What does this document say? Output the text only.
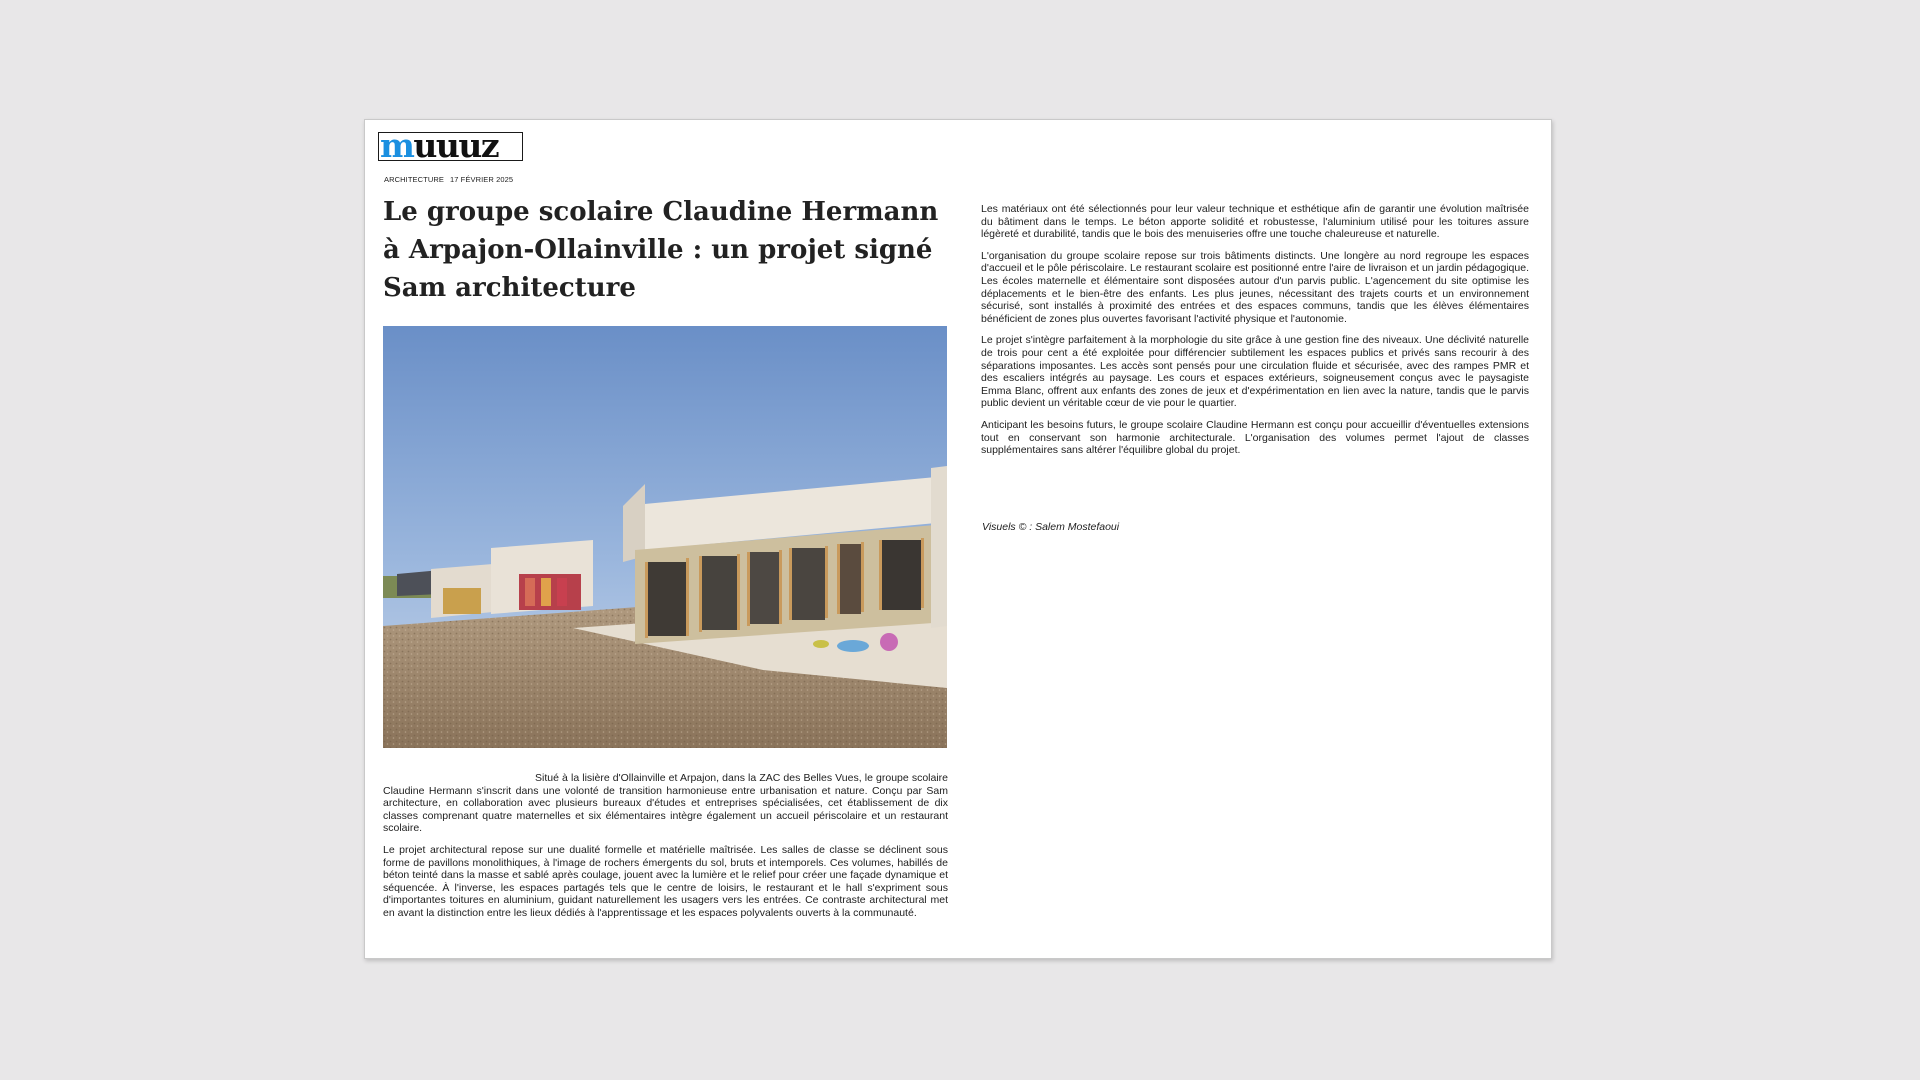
muuuz
ARCHITECTURE 17 FÉVRIER 2025
Le groupe scolaire Claudine Hermann à Arpajon-Ollainville : un projet signé Sam architecture

Situé à la lisière d'Ollainville et Arpajon, dans la ZAC des Belles Vues, le groupe scolaire Claudine Hermann s'inscrit dans une volonté de transition harmonieuse entre urbanisation et nature. Conçu par Sam architecture, en collaboration avec plusieurs bureaux d'études et entreprises spécialisées, cet établissement de dix classes comprenant quatre maternelles et six élémentaires intègre également un accueil périscolaire et un restaurant scolaire.

Le projet architectural repose sur une dualité formelle et matérielle maîtrisée. Les salles de classe se déclinent sous forme de pavillons monolithiques, à l'image de rochers émergents du sol, bruts et intemporels. Ces volumes, habillés de béton teinté dans la masse et sablé après coulage, jouent avec la lumière et le relief pour créer une façade dynamique et séquencée. À l'inverse, les espaces partagés tels que le centre de loisirs, le restaurant et le hall s'expriment sous d'importantes toitures en aluminium, guidant naturellement les usagers vers les entrées. Ce contraste architectural met en avant la distinction entre les lieux dédiés à l'apprentissage et les espaces polyvalents ouverts à la communauté.

Les matériaux ont été sélectionnés pour leur valeur technique et esthétique afin de garantir une évolution maîtrisée du bâtiment dans le temps. Le béton apporte solidité et robustesse, l'aluminium utilisé pour les toitures assure légèreté et durabilité, tandis que le bois des menuiseries offre une touche chaleureuse et naturelle.

L'organisation du groupe scolaire repose sur trois bâtiments distincts. Une longère au nord regroupe les espaces d'accueil et le pôle périscolaire. Le restaurant scolaire est positionné entre l'aire de livraison et un jardin pédagogique. Les écoles maternelle et élémentaire sont disposées autour d'un parvis public. L'agencement du site optimise les déplacements et le bien-être des enfants. Les plus jeunes, nécessitant des trajets courts et un environnement sécurisé, sont installés à proximité des entrées et des espaces communs, tandis que les élèves élémentaires bénéficient de zones plus ouvertes favorisant l'activité physique et l'autonomie.

Le projet s'intègre parfaitement à la morphologie du site grâce à une gestion fine des niveaux. Une déclivité naturelle de trois pour cent a été exploitée pour différencier subtilement les espaces publics et privés sans recourir à des séparations imposantes. Les accès sont pensés pour une circulation fluide et sécurisée, avec des rampes PMR et des escaliers intégrés au paysage. Les cours et espaces extérieurs, soigneusement conçus avec le paysagiste Emma Blanc, offrent aux enfants des zones de jeux et d'expérimentation en lien avec la nature, tandis que le parvis public devient un véritable cœur de vie pour le quartier.

Anticipant les besoins futurs, le groupe scolaire Claudine Hermann est conçu pour accueillir d'éventuelles extensions tout en conservant son harmonie architecturale. L'organisation des volumes permet l'ajout de classes supplémentaires sans altérer l'équilibre global du projet.

Visuels © : Salem Mostefaoui
